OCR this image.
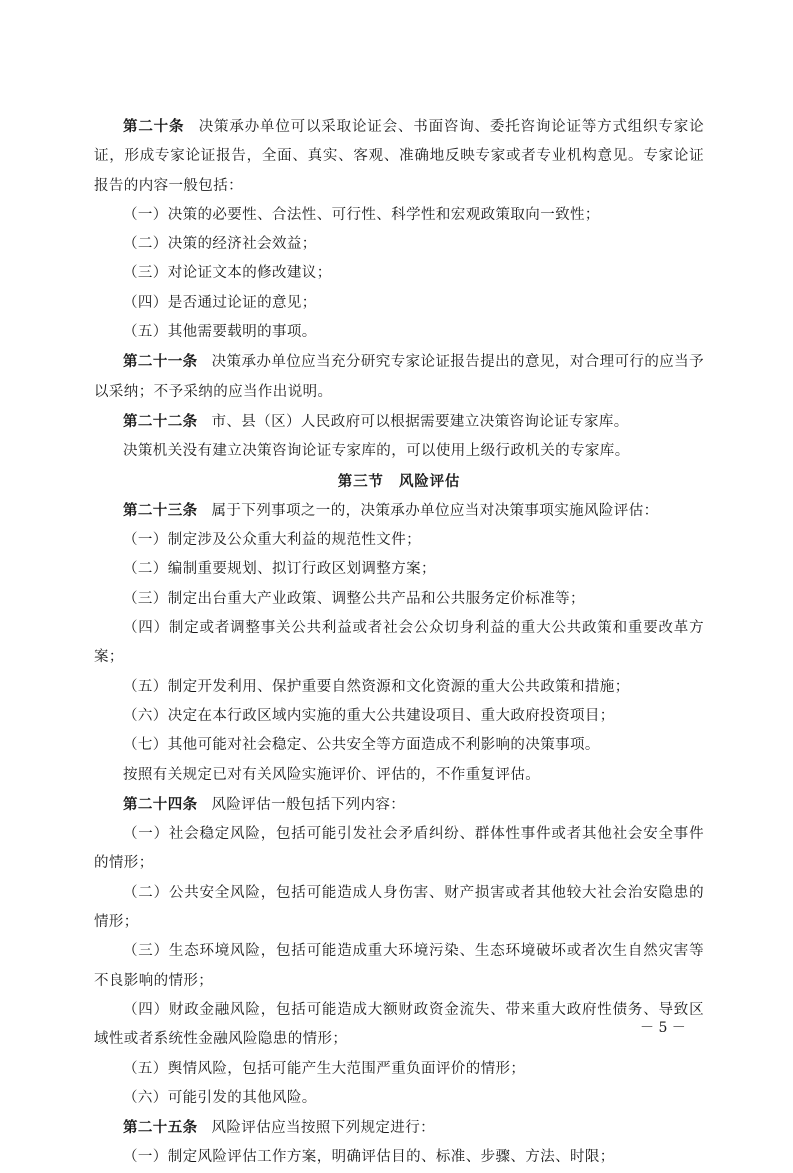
第二十条 决策承办单位可以采取论证会、书面咨询、委托咨询论证等方式组织专家论证，形成专家论证报告，全面、真实、客观、准确地反映专家或者专业机构意见。专家论证报告的内容一般包括：

（一）决策的必要性、合法性、可行性、科学性和宏观政策取向一致性；

（二）决策的经济社会效益；

（三）对论证文本的修改建议；

（四）是否通过论证的意见；

（五）其他需要载明的事项。

第二十一条 决策承办单位应当充分研究专家论证报告提出的意见，对合理可行的应当予以采纳；不予采纳的应当作出说明。

第二十二条 市、县（区）人民政府可以根据需要建立决策咨询论证专家库。

决策机关没有建立决策咨询论证专家库的，可以使用上级行政机关的专家库。

第三节　风险评估

第二十三条 属于下列事项之一的，决策承办单位应当对决策事项实施风险评估：

（一）制定涉及公众重大利益的规范性文件；

（二）编制重要规划、拟订行政区划调整方案；

（三）制定出台重大产业政策、调整公共产品和公共服务定价标准等；

（四）制定或者调整事关公共利益或者社会公众切身利益的重大公共政策和重要改革方案；

（五）制定开发利用、保护重要自然资源和文化资源的重大公共政策和措施；

（六）决定在本行政区域内实施的重大公共建设项目、重大政府投资项目；

（七）其他可能对社会稳定、公共安全等方面造成不利影响的决策事项。

按照有关规定已对有关风险实施评价、评估的，不作重复评估。

第二十四条 风险评估一般包括下列内容：

（一）社会稳定风险，包括可能引发社会矛盾纠纷、群体性事件或者其他社会安全事件的情形；

（二）公共安全风险，包括可能造成人身伤害、财产损害或者其他较大社会治安隐患的情形；

（三）生态环境风险，包括可能造成重大环境污染、生态环境破坏或者次生自然灾害等不良影响的情形；

（四）财政金融风险，包括可能造成大额财政资金流失、带来重大政府性债务、导致区域性或者系统性金融风险隐患的情形；

（五）舆情风险，包括可能产生大范围严重负面评价的情形；

（六）可能引发的其他风险。

第二十五条 风险评估应当按照下列规定进行：

（一）制定风险评估工作方案，明确评估目的、标准、步骤、方法、时限；

－ 5 －
